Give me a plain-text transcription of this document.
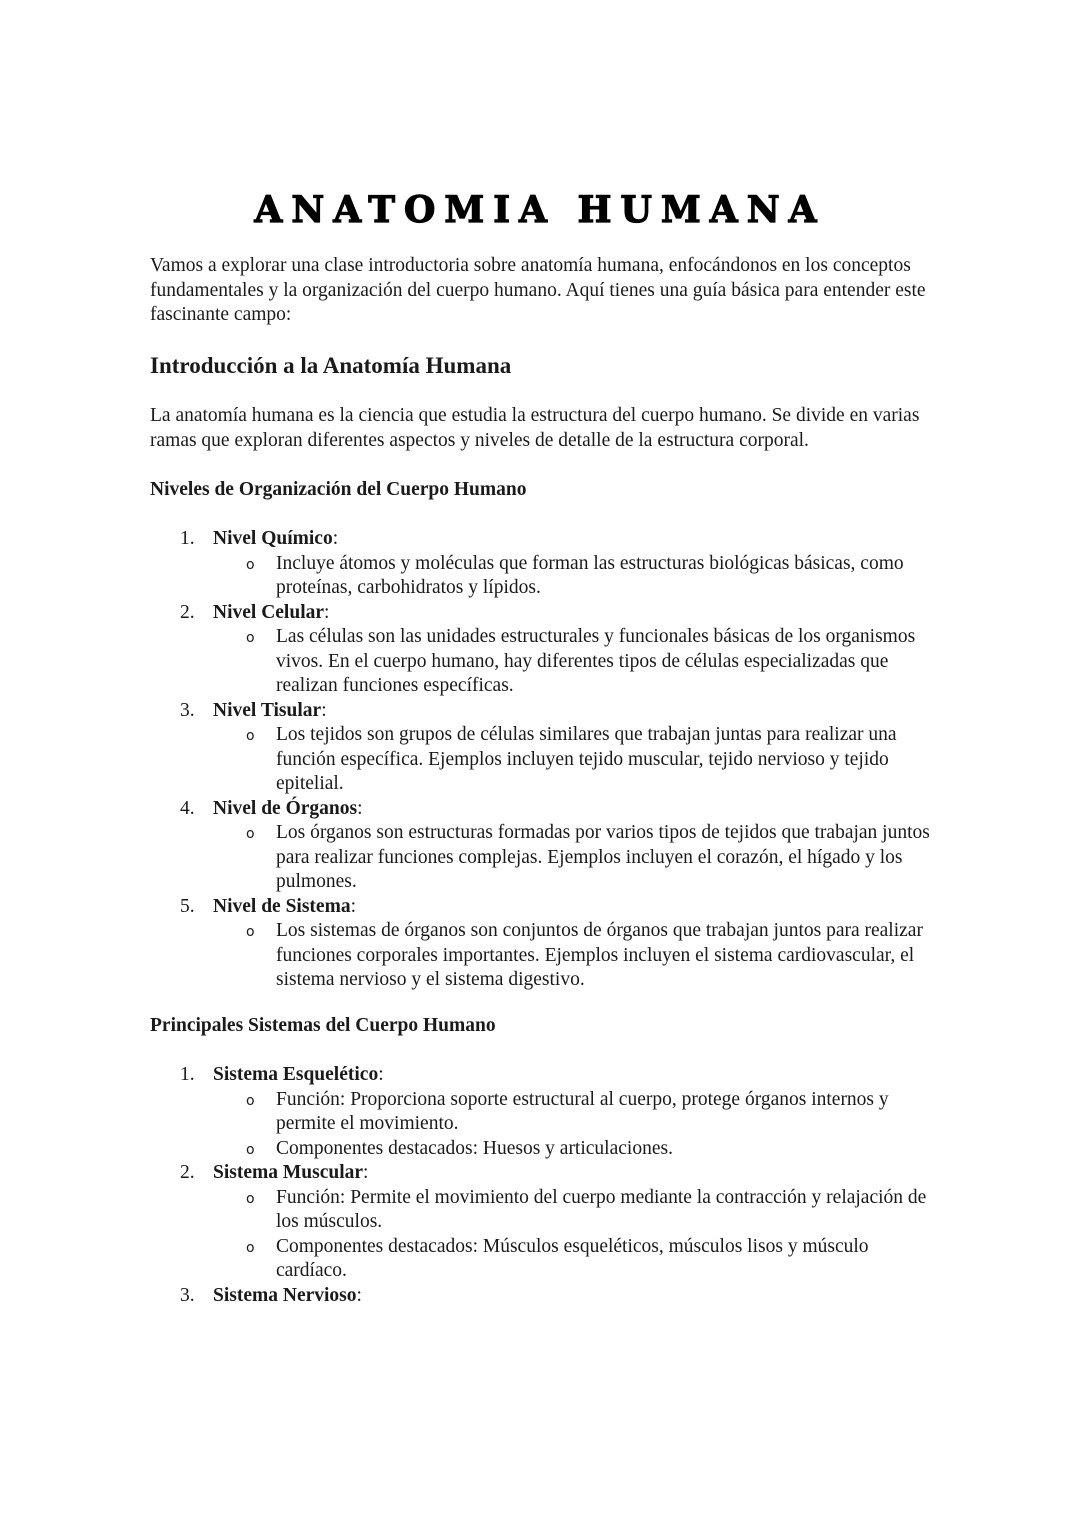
ANATOMIA HUMANA

Vamos a explorar una clase introductoria sobre anatomía humana, enfocándonos en los conceptos fundamentales y la organización del cuerpo humano. Aquí tienes una guía básica para entender este fascinante campo:

Introducción a la Anatomía Humana

La anatomía humana es la ciencia que estudia la estructura del cuerpo humano. Se divide en varias ramas que exploran diferentes aspectos y niveles de detalle de la estructura corporal.

Niveles de Organización del Cuerpo Humano
1. Nivel Químico:
o Incluye átomos y moléculas que forman las estructuras biológicas básicas, como proteínas, carbohidratos y lípidos.
2. Nivel Celular:
o Las células son las unidades estructurales y funcionales básicas de los organismos vivos. En el cuerpo humano, hay diferentes tipos de células especializadas que realizan funciones específicas.
3. Nivel Tisular:
o Los tejidos son grupos de células similares que trabajan juntas para realizar una función específica. Ejemplos incluyen tejido muscular, tejido nervioso y tejido epitelial.
4. Nivel de Órganos:
o Los órganos son estructuras formadas por varios tipos de tejidos que trabajan juntos para realizar funciones complejas. Ejemplos incluyen el corazón, el hígado y los pulmones.
5. Nivel de Sistema:
o Los sistemas de órganos son conjuntos de órganos que trabajan juntos para realizar funciones corporales importantes. Ejemplos incluyen el sistema cardiovascular, el sistema nervioso y el sistema digestivo.
Principales Sistemas del Cuerpo Humano
1. Sistema Esquelético:
o Función: Proporciona soporte estructural al cuerpo, protege órganos internos y permite el movimiento.
o Componentes destacados: Huesos y articulaciones.
2. Sistema Muscular:
o Función: Permite el movimiento del cuerpo mediante la contracción y relajación de los músculos.
o Componentes destacados: Músculos esqueléticos, músculos lisos y músculo cardíaco.
3. Sistema Nervioso:
